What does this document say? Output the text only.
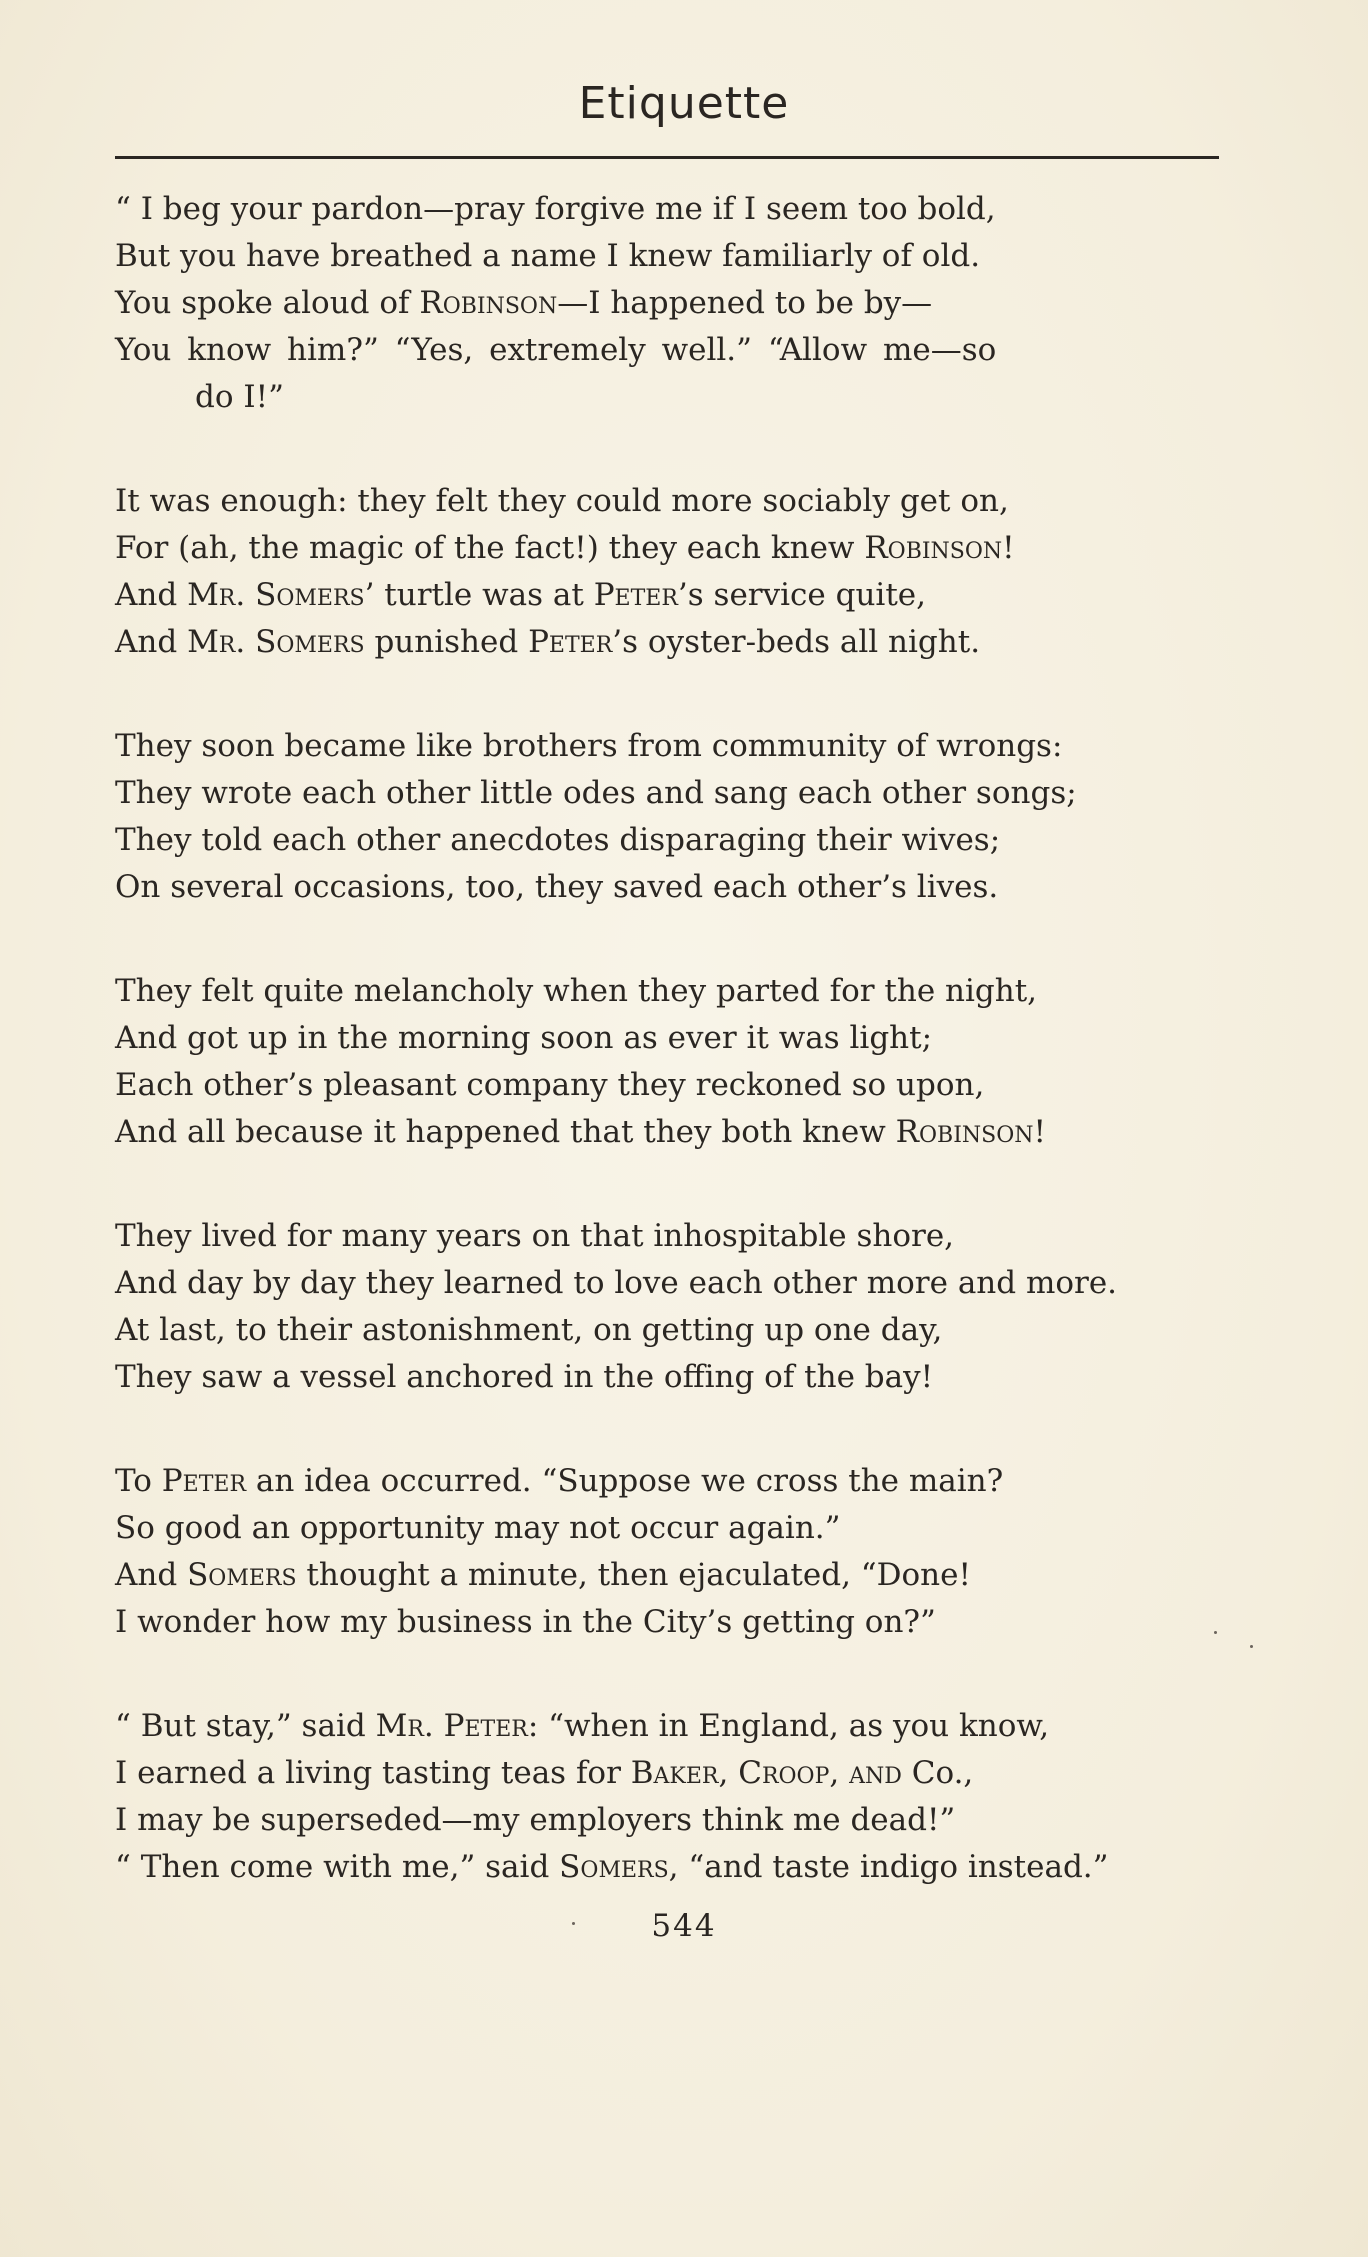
Etiquette
“ I beg your pardon—pray forgive me if I seem too bold,
But you have breathed a name I knew familiarly of old.
You spoke aloud of Robinson—I happened to be by—
You know him?” “Yes, extremely well.” “Allow me—so
do I!”
It was enough: they felt they could more sociably get on,
For (ah, the magic of the fact!) they each knew Robinson!
And Mr. Somers’ turtle was at Peter’s service quite,
And Mr. Somers punished Peter’s oyster-beds all night.
They soon became like brothers from community of wrongs:
They wrote each other little odes and sang each other songs;
They told each other anecdotes disparaging their wives;
On several occasions, too, they saved each other’s lives.
They felt quite melancholy when they parted for the night,
And got up in the morning soon as ever it was light;
Each other’s pleasant company they reckoned so upon,
And all because it happened that they both knew Robinson!
They lived for many years on that inhospitable shore,
And day by day they learned to love each other more and more.
At last, to their astonishment, on getting up one day,
They saw a vessel anchored in the offing of the bay!
To Peter an idea occurred. “Suppose we cross the main?
So good an opportunity may not occur again.”
And Somers thought a minute, then ejaculated, “Done!
I wonder how my business in the City’s getting on?”
“ But stay,” said Mr. Peter: “when in England, as you know,
I earned a living tasting teas for Baker, Croop, and Co.,
I may be superseded—my employers think me dead!”
“ Then come with me,” said Somers, “and taste indigo instead.”
544
